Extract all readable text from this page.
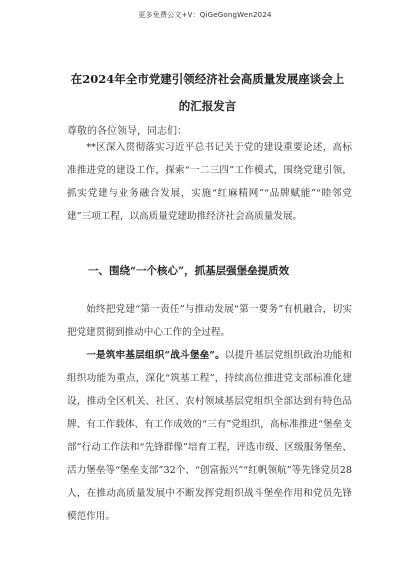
更多免费公文+V：QiGeGongWen2024
在2024年全市党建引领经济社会高质量发展座谈会上的汇报发言
尊敬的各位领导，同志们：
**区深入贯彻落实习近平总书记关于党的建设重要论述，高标准推进党的建设工作，探索“一二三四”工作模式，围绕党建引领，抓实党建与业务融合发展，实施“红麻精网”“品牌赋能”“睦邻党建”三项工程，以高质量党建助推经济社会高质量发展。
一、围绕“一个核心”，抓基层强堡垒提质效
始终把党建“第一责任”与推动发展“第一要务”有机融合，切实把党建贯彻到推动中心工作的全过程。
一是筑牢基层组织“战斗堡垒”。以提升基层党组织政治功能和组织功能为重点，深化“筑基工程”，持续高位推进党支部标准化建设，推动全区机关、社区、农村领域基层党组织全部达到有特色品牌、有工作载体、有工作成效的“三有”党组织，高标准推进“堡垒支部”行动工作法和“先锋群像”培育工程，评选市级、区级服务堡垒、活力堡垒等“堡垒支部”32个、“创富振兴”“红帆领航”等先锋党员28人，在推动高质量发展中不断发挥党组织战斗堡垒作用和党员先锋模范作用。
